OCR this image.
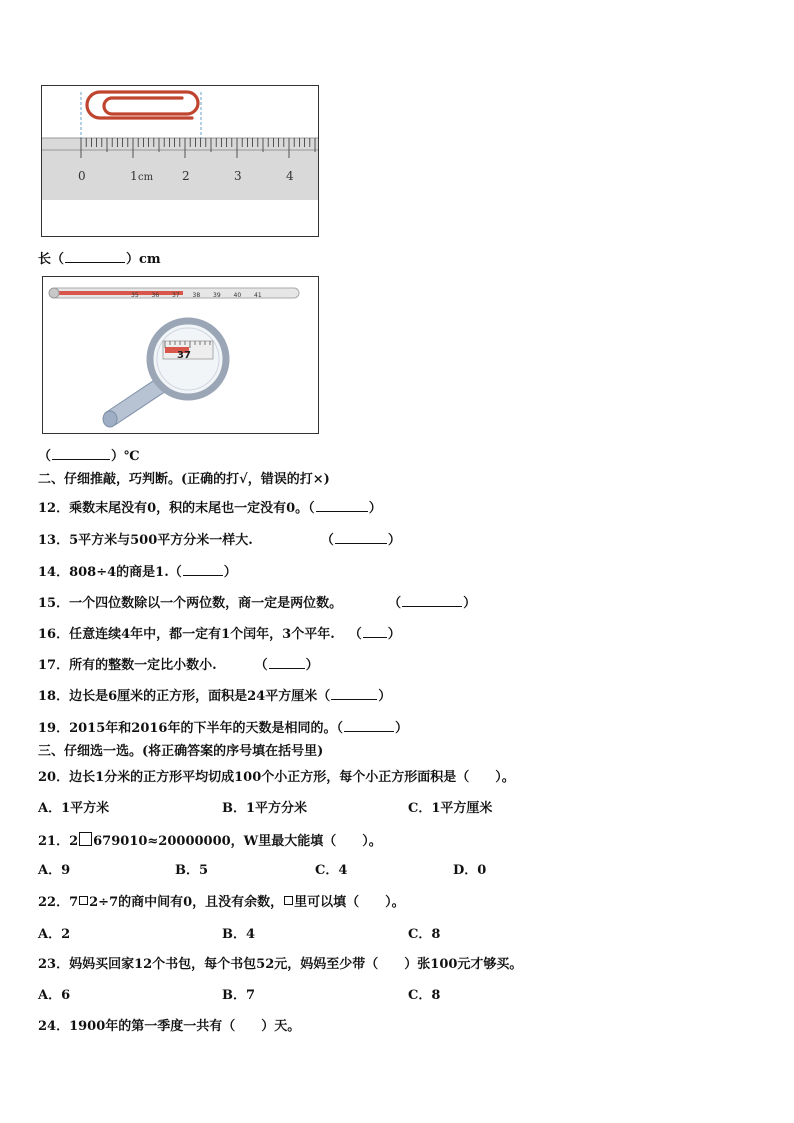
0	1 cm 2	3	4
长（	）cm
35 36 37 38 39 40 41
37
（	）℃
二、仔细推敲，巧判断。(正确的打√，错误的打×)
12．乘数末尾没有0，积的末尾也一定没有0。（	）
13．5平方米与500平方分米一样大.	（	）
14．808÷4的商是1.（	）
15．一个四位数除以一个两位数，商一定是两位数。	（	）
16．任意连续4年中，都一定有1个闰年，3个平年. （ ）
17．所有的整数一定比小数小.	（	）
18．边长是6厘米的正方形，面积是24平方厘米（	）
19．2015年和2016年的下半年的天数是相同的。（	）
三、仔细选一选。(将正确答案的序号填在括号里)
20．边长1分米的正方形平均切成100个小正方形，每个小正方形面积是（　　）。
A．1平方米	B．1平方分米	C．1平方厘米
21．2 679010≈20000000，W里最大能填（　　）。
A．9	B．5	C．4	D．0
22．7 2÷7的商中间有0，且没有余数， 里可以填（　　）。
A．2	B．4	C．8
23．妈妈买回家12个书包，每个书包52元，妈妈至少带（　　）张100元才够买。
A．6	B．7	C．8
24．1900年的第一季度一共有（　　）天。
